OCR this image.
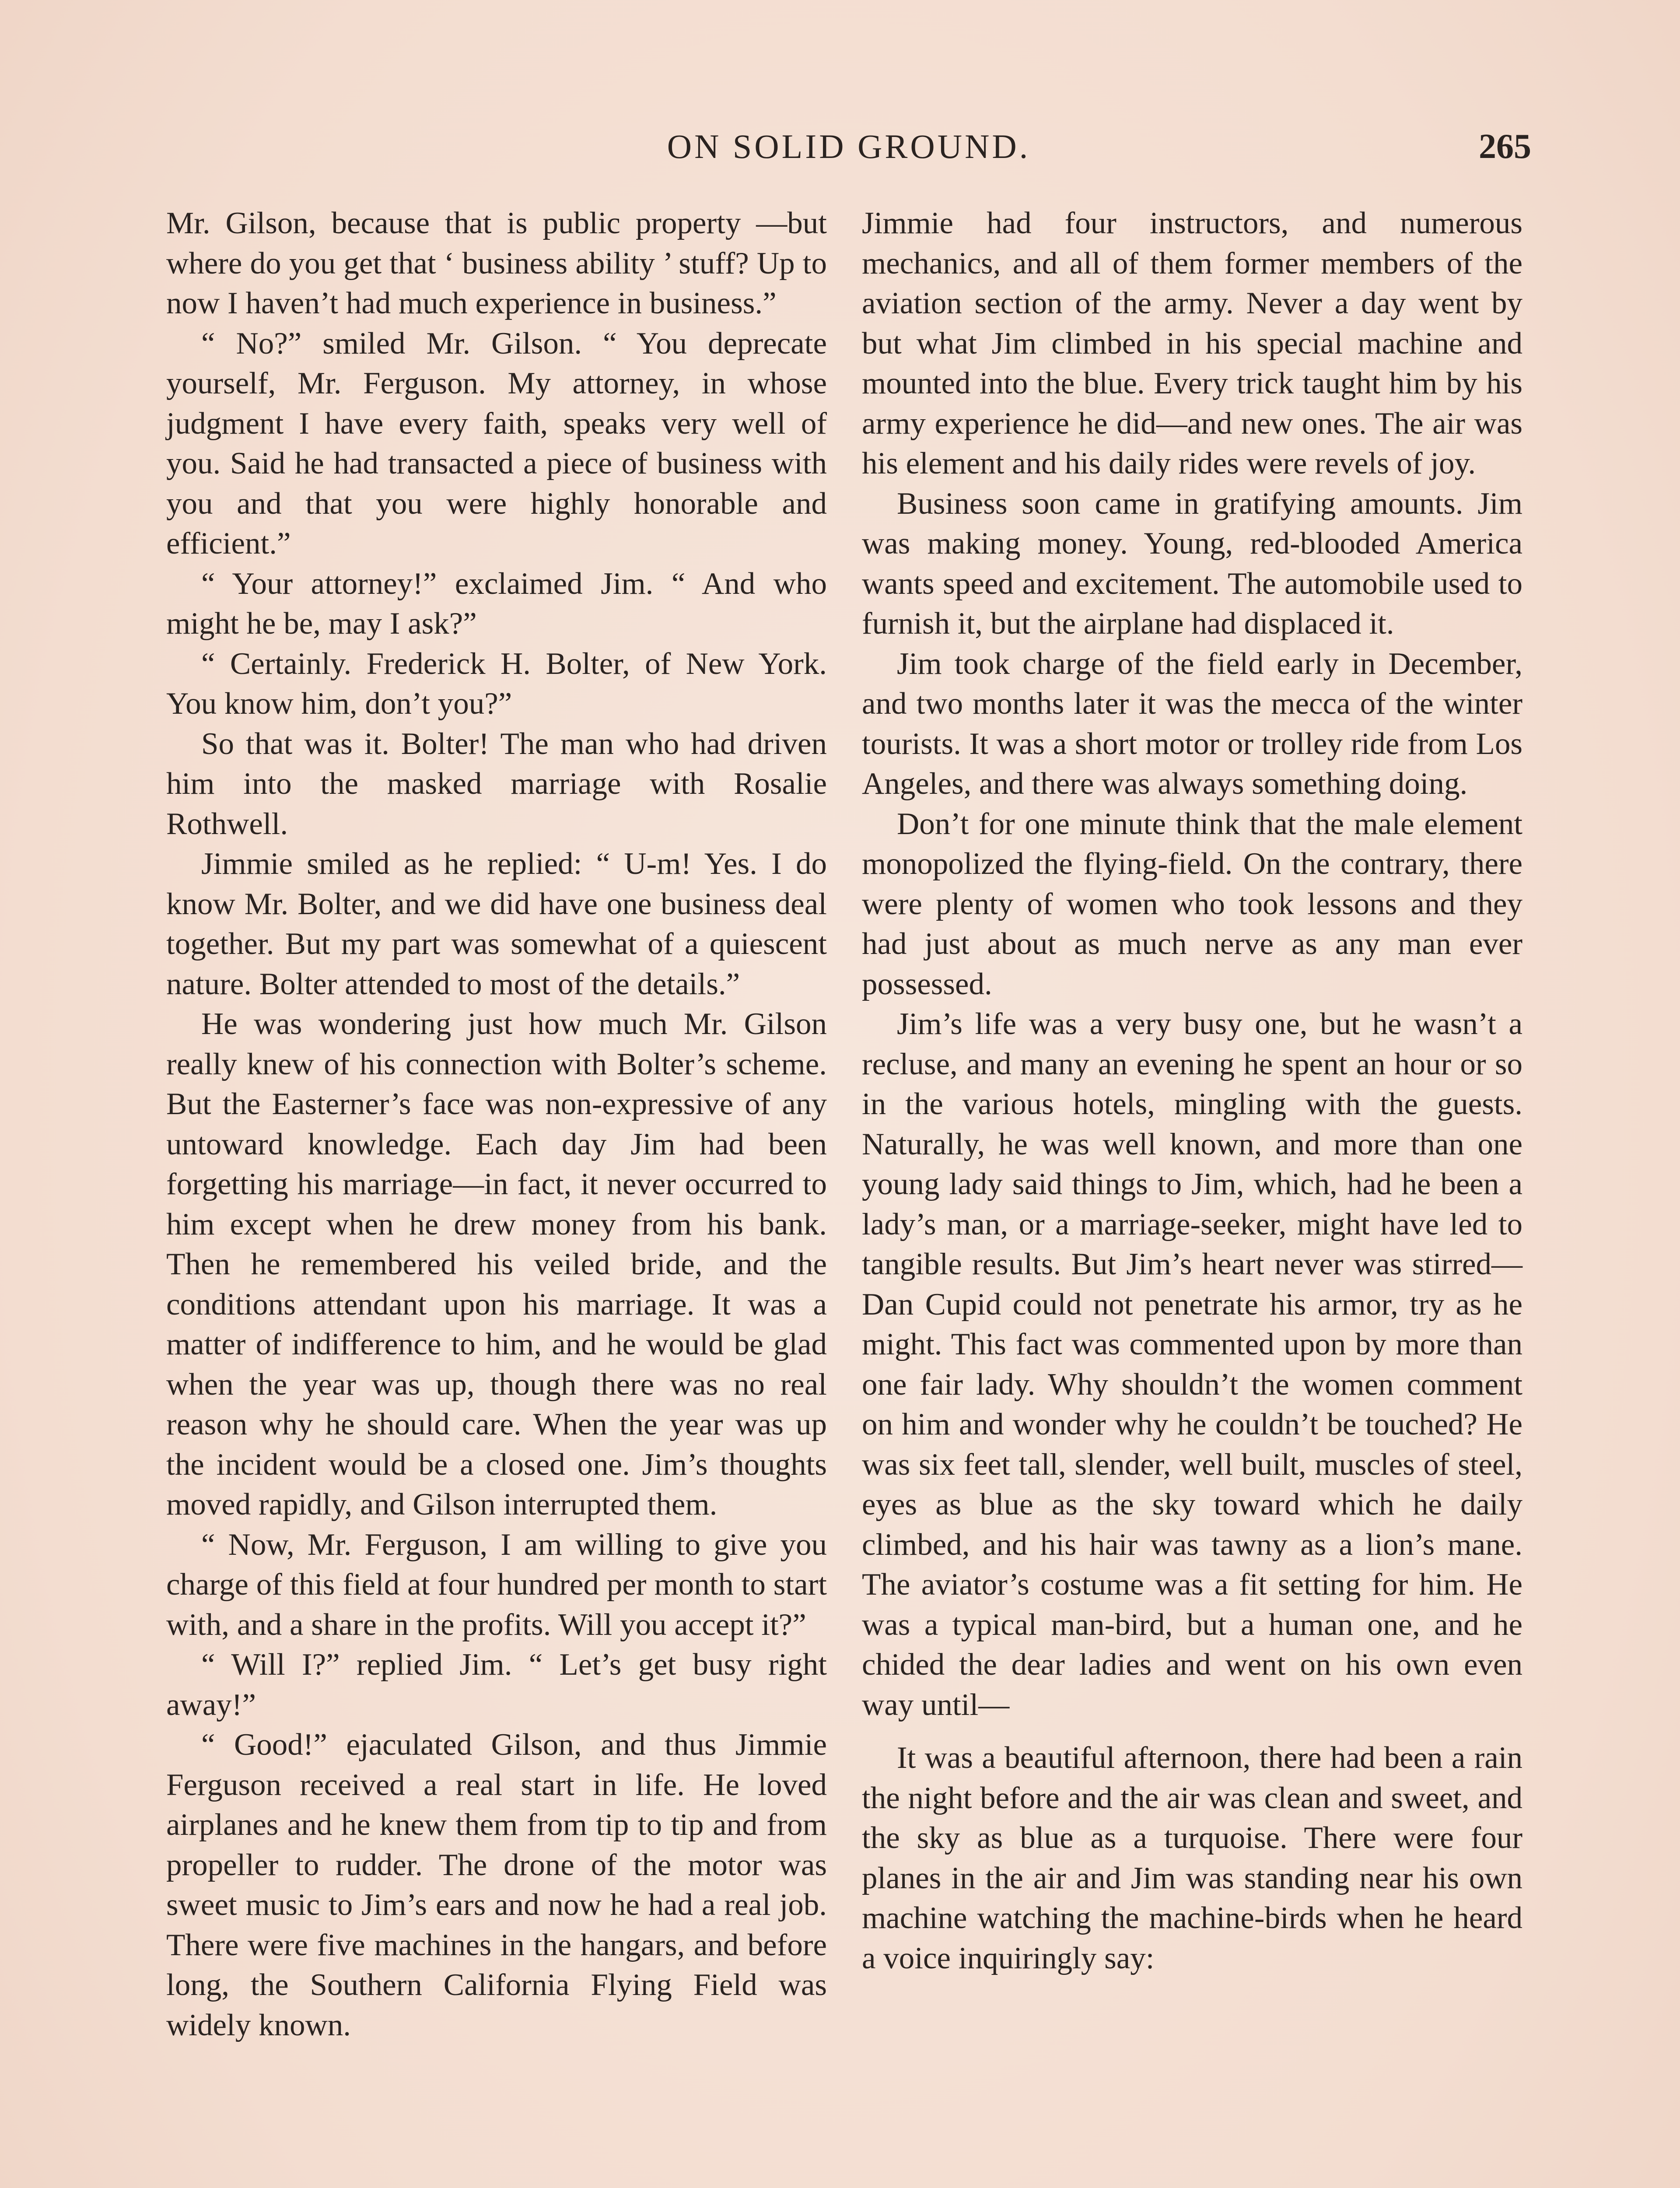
ON SOLID GROUND.	265

Mr. Gilson, because that is public property —but where do you get that ‘ business ability ’ stuff? Up to now I haven’t had much experience in business.”

“ No?” smiled Mr. Gilson. “ You deprecate yourself, Mr. Ferguson. My attorney, in whose judgment I have every faith, speaks very well of you. Said he had transacted a piece of business with you and that you were highly honorable and efficient.”

“ Your attorney!” exclaimed Jim. “ And who might he be, may I ask?”

“ Certainly. Frederick H. Bolter, of New York. You know him, don’t you?”

So that was it. Bolter! The man who had driven him into the masked marriage with Rosalie Rothwell.

Jimmie smiled as he replied: “ U-m! Yes. I do know Mr. Bolter, and we did have one business deal together. But my part was somewhat of a quiescent nature. Bolter attended to most of the details.”

He was wondering just how much Mr. Gilson really knew of his connection with Bolter’s scheme. But the Easterner’s face was non-expressive of any untoward knowledge. Each day Jim had been forgetting his marriage—in fact, it never occurred to him except when he drew money from his bank. Then he remembered his veiled bride, and the conditions attendant upon his marriage. It was a matter of indifference to him, and he would be glad when the year was up, though there was no real reason why he should care. When the year was up the incident would be a closed one. Jim’s thoughts moved rapidly, and Gilson interrupted them.

“ Now, Mr. Ferguson, I am willing to give you charge of this field at four hundred per month to start with, and a share in the profits. Will you accept it?”

“ Will I?” replied Jim. “ Let’s get busy right away!”

“ Good!” ejaculated Gilson, and thus Jimmie Ferguson received a real start in life. He loved airplanes and he knew them from tip to tip and from propeller to rudder. The drone of the motor was sweet music to Jim’s ears and now he had a real job. There were five machines in the hangars, and before long, the Southern California Flying Field was widely known.

Jimmie had four instructors, and numerous mechanics, and all of them former members of the aviation section of the army. Never a day went by but what Jim climbed in his special machine and mounted into the blue. Every trick taught him by his army experience he did—and new ones. The air was his element and his daily rides were revels of joy.

Business soon came in gratifying amounts. Jim was making money. Young, red-blooded America wants speed and excitement. The automobile used to furnish it, but the airplane had displaced it.

Jim took charge of the field early in December, and two months later it was the mecca of the winter tourists. It was a short motor or trolley ride from Los Angeles, and there was always something doing.

Don’t for one minute think that the male element monopolized the flying-field. On the contrary, there were plenty of women who took lessons and they had just about as much nerve as any man ever possessed.

Jim’s life was a very busy one, but he wasn’t a recluse, and many an evening he spent an hour or so in the various hotels, mingling with the guests. Naturally, he was well known, and more than one young lady said things to Jim, which, had he been a lady’s man, or a marriage-seeker, might have led to tangible results. But Jim’s heart never was stirred—Dan Cupid could not penetrate his armor, try as he might. This fact was commented upon by more than one fair lady. Why shouldn’t the women comment on him and wonder why he couldn’t be touched? He was six feet tall, slender, well built, muscles of steel, eyes as blue as the sky toward which he daily climbed, and his hair was tawny as a lion’s mane. The aviator’s costume was a fit setting for him. He was a typical man-bird, but a human one, and he chided the dear ladies and went on his own even way until—

It was a beautiful afternoon, there had been a rain the night before and the air was clean and sweet, and the sky as blue as a turquoise. There were four planes in the air and Jim was standing near his own machine watching the machine-birds when he heard a voice inquiringly say:
